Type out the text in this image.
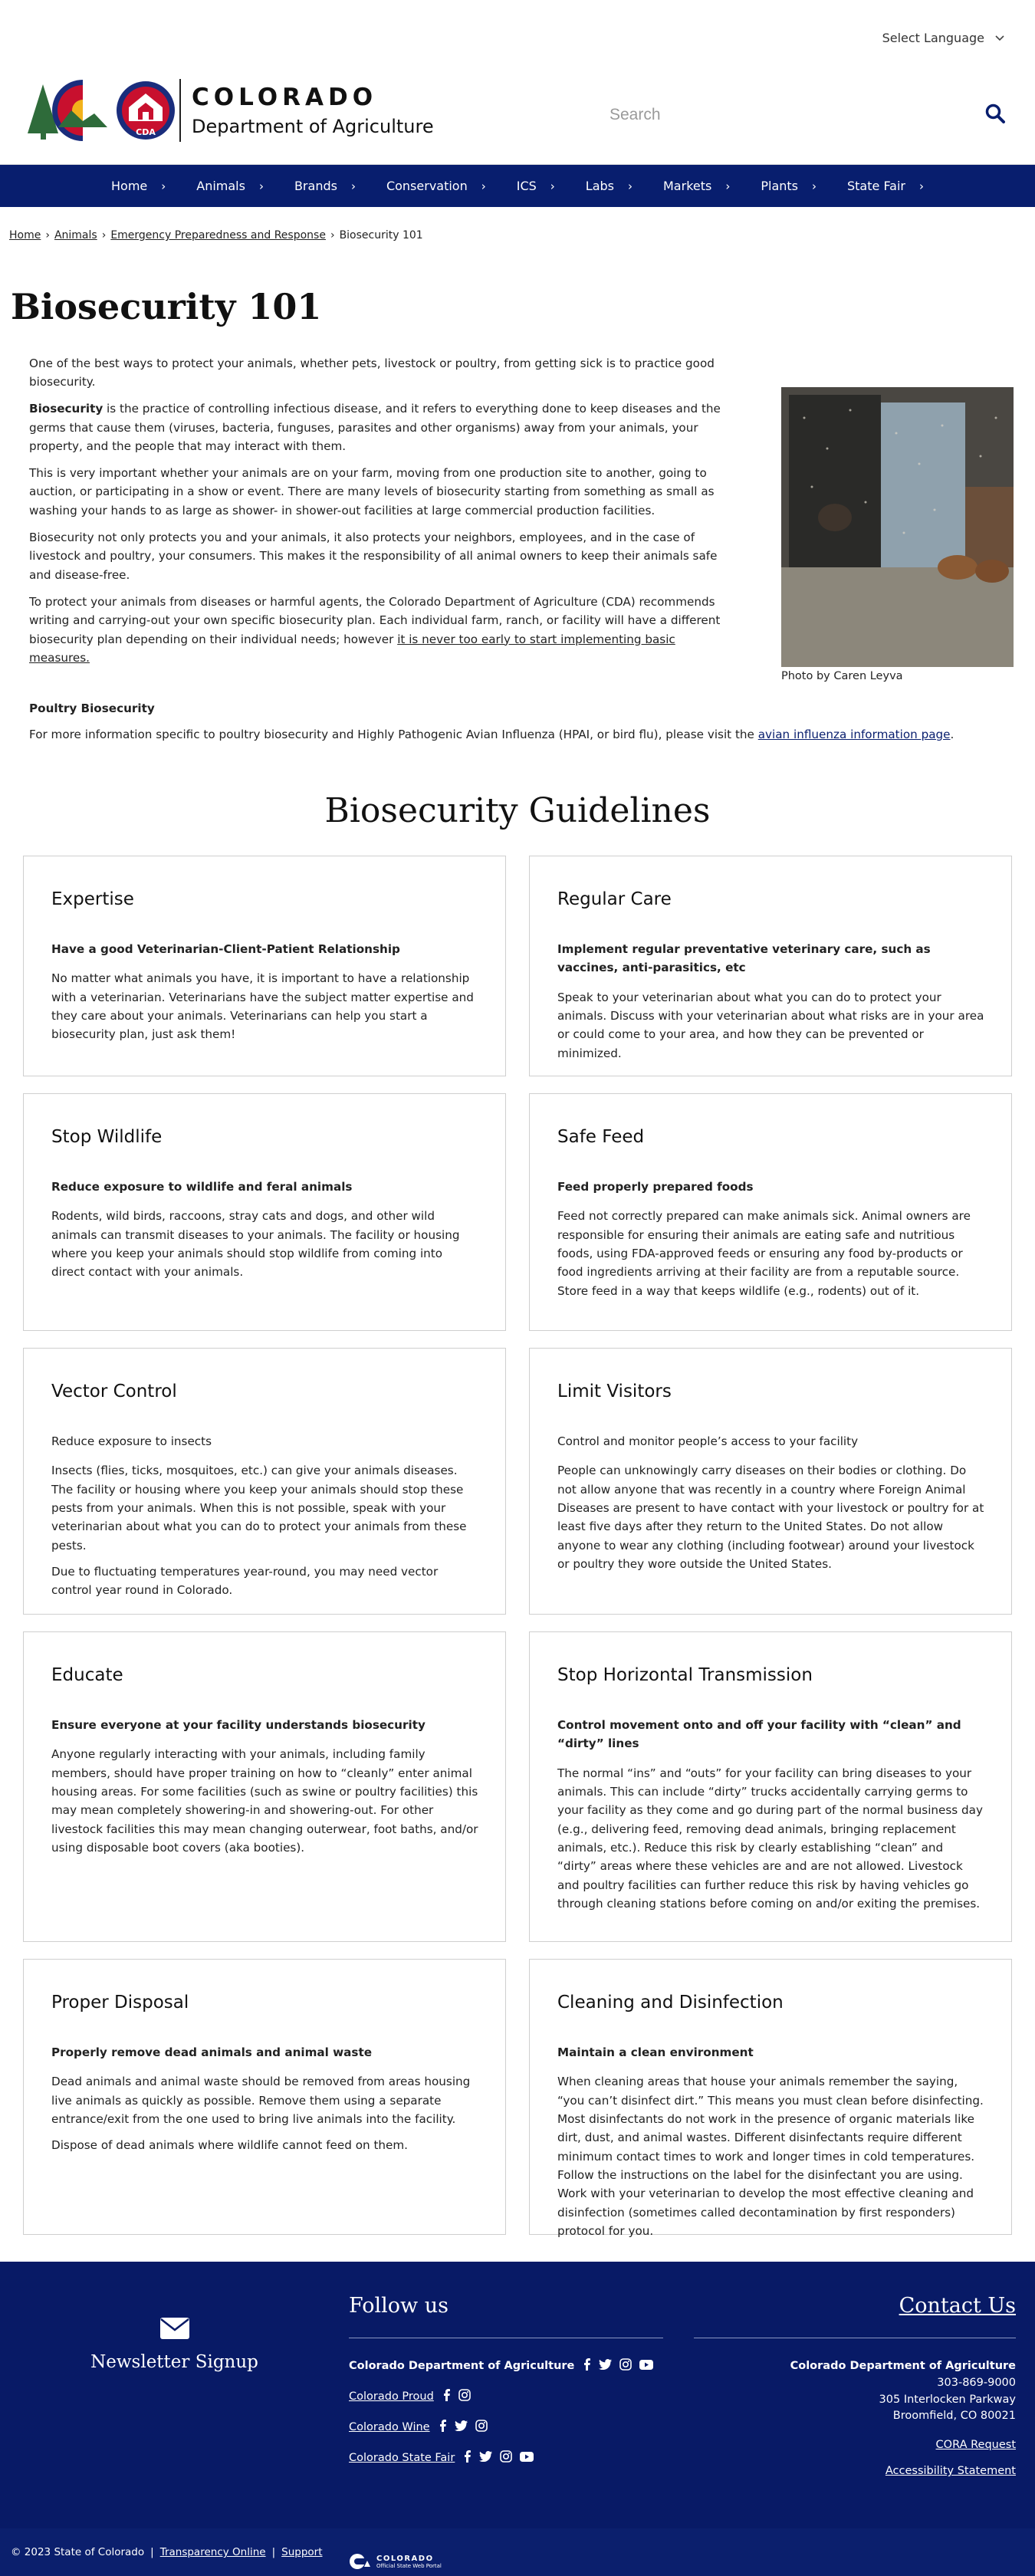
Select Language
CDA
COLORADO
Department of Agriculture
Search
Home ›	Animals ›	Brands ›	Conservation ›	ICS ›	Labs ›	Markets ›	Plants ›	State Fair ›
Home › Animals › Emergency Preparedness and Response › Biosecurity 101
Biosecurity 101

One of the best ways to protect your animals, whether pets, livestock or poultry, from getting sick is to practice good biosecurity.

Biosecurity is the practice of controlling infectious disease, and it refers to everything done to keep diseases and the germs that cause them (viruses, bacteria, funguses, parasites and other organisms) away from your animals, your property, and the people that may interact with them.

This is very important whether your animals are on your farm, moving from one production site to another, going to auction, or participating in a show or event. There are many levels of biosecurity starting from something as small as washing your hands to as large as shower- in shower-out facilities at large commercial production facilities.

Biosecurity not only protects you and your animals, it also protects your neighbors, employees, and in the case of livestock and poultry, your consumers. This makes it the responsibility of all animal owners to keep their animals safe and disease-free.

To protect your animals from diseases or harmful agents, the Colorado Department of Agriculture (CDA) recommends writing and carrying-out your own specific biosecurity plan. Each individual farm, ranch, or facility will have a different biosecurity plan depending on their individual needs; however it is never too early to start implementing basic measures.

Photo by Caren Leyva
Poultry Biosecurity

For more information specific to poultry biosecurity and Highly Pathogenic Avian Influenza (HPAI, or bird flu), please visit the avian influenza information page.

Biosecurity Guidelines
Expertise
Have a good Veterinarian-Client-Patient Relationship

No matter what animals you have, it is important to have a relationship with a veterinarian. Veterinarians have the subject matter expertise and they care about your animals. Veterinarians can help you start a biosecurity plan, just ask them!

Regular Care
Implement regular preventative veterinary care, such as vaccines, anti-parasitics, etc

Speak to your veterinarian about what you can do to protect your animals. Discuss with your veterinarian about what risks are in your area or could come to your area, and how they can be prevented or minimized.

Stop Wildlife
Reduce exposure to wildlife and feral animals

Rodents, wild birds, raccoons, stray cats and dogs, and other wild animals can transmit diseases to your animals. The facility or housing where you keep your animals should stop wildlife from coming into direct contact with your animals.

Safe Feed
Feed properly prepared foods

Feed not correctly prepared can make animals sick. Animal owners are responsible for ensuring their animals are eating safe and nutritious foods, using FDA-approved feeds or ensuring any food by-products or food ingredients arriving at their facility are from a reputable source. Store feed in a way that keeps wildlife (e.g., rodents) out of it.

Vector Control
Reduce exposure to insects

Insects (flies, ticks, mosquitoes, etc.) can give your animals diseases. The facility or housing where you keep your animals should stop these pests from your animals. When this is not possible, speak with your veterinarian about what you can do to protect your animals from these pests.

Due to fluctuating temperatures year-round, you may need vector control year round in Colorado.

Limit Visitors
Control and monitor people’s access to your facility

People can unknowingly carry diseases on their bodies or clothing. Do not allow anyone that was recently in a country where Foreign Animal Diseases are present to have contact with your livestock or poultry for at least five days after they return to the United States. Do not allow anyone to wear any clothing (including footwear) around your livestock or poultry they wore outside the United States.

Educate
Ensure everyone at your facility understands biosecurity

Anyone regularly interacting with your animals, including family members, should have proper training on how to “cleanly” enter animal housing areas. For some facilities (such as swine or poultry facilities) this may mean completely showering-in and showering-out. For other livestock facilities this may mean changing outerwear, foot baths, and/or using disposable boot covers (aka booties).

Stop Horizontal Transmission
Control movement onto and off your facility with “clean” and “dirty” lines

The normal “ins” and “outs” for your facility can bring diseases to your animals. This can include “dirty” trucks accidentally carrying germs to your facility as they come and go during part of the normal business day (e.g., delivering feed, removing dead animals, bringing replacement animals, etc.). Reduce this risk by clearly establishing “clean” and “dirty” areas where these vehicles are and are not allowed. Livestock and poultry facilities can further reduce this risk by having vehicles go through cleaning stations before coming on and/or exiting the premises.

Proper Disposal
Properly remove dead animals and animal waste

Dead animals and animal waste should be removed from areas housing live animals as quickly as possible. Remove them using a separate entrance/exit from the one used to bring live animals into the facility.

Dispose of dead animals where wildlife cannot feed on them.

Cleaning and Disinfection
Maintain a clean environment

When cleaning areas that house your animals remember the saying, “you can’t disinfect dirt.” This means you must clean before disinfecting. Most disinfectants do not work in the presence of organic materials like dirt, dust, and animal wastes. Different disinfectants require different minimum contact times to work and longer times in cold temperatures. Follow the instructions on the label for the disinfectant you are using. Work with your veterinarian to develop the most effective cleaning and disinfection (sometimes called decontamination by first responders) protocol for you.

Newsletter Signup
Follow us
Colorado Department of Agriculture
Colorado Proud
Colorado Wine
Colorado State Fair
Contact Us
Colorado Department of Agriculture
303-869-9000
305 Interlocken Parkway
Broomfield, CO 80021
CORA Request
Accessibility Statement
© 2023 State of Colorado | Transparency Online | Support	COLORADO
Official State Web Portal
